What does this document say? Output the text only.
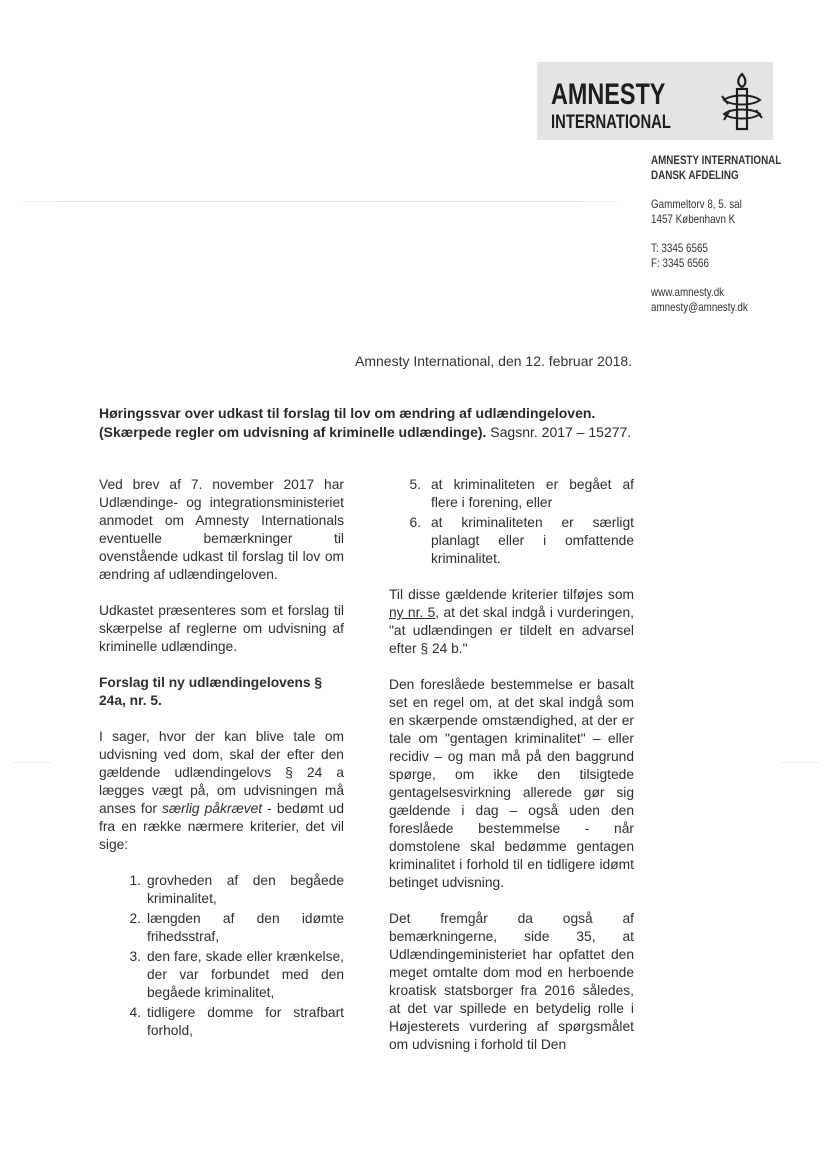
AMNESTY
INTERNATIONAL
AMNESTY INTERNATIONAL
DANSK AFDELING
Gammeltorv 8, 5. sal
1457 København K
T: 3345 6565
F: 3345 6566
www.amnesty.dk
amnesty@amnesty.dk
Amnesty International, den 12. februar 2018.
Høringssvar over udkast til forslag til lov om ændring af udlændingeloven. (Skærpede regler om udvisning af kriminelle udlændinge). Sagsnr. 2017 – 15277.

Ved brev af 7. november 2017 har Udlændinge- og integrationsministeriet anmodet om Amnesty Internationals eventuelle bemærkninger til ovenstående udkast til forslag til lov om ændring af udlændingeloven.

Udkastet præsenteres som et forslag til skærpelse af reglerne om udvisning af kriminelle udlændinge.

Forslag til ny udlændingelovens § 24a, nr. 5.

I sager, hvor der kan blive tale om udvisning ved dom, skal der efter den gældende udlændingelovs § 24 a lægges vægt på, om udvisningen må anses for særlig påkrævet - bedømt ud fra en række nærmere kriterier, det vil sige:

1. grovheden af den begåede kriminalitet,
2. længden af den idømte frihedsstraf,
3. den fare, skade eller krænkelse, der var forbundet med den begåede kriminalitet,
4. tidligere domme for strafbart forhold,
5. at kriminaliteten er begået af flere i forening, eller
6. at kriminaliteten er særligt planlagt eller i omfattende kriminalitet.

Til disse gældende kriterier tilføjes som ny nr. 5, at det skal indgå i vurderingen, "at udlændingen er tildelt en advarsel efter § 24 b."

Den foreslåede bestemmelse er basalt set en regel om, at det skal indgå som en skærpende omstændighed, at der er tale om "gentagen kriminalitet" – eller recidiv – og man må på den baggrund spørge, om ikke den tilsigtede gentagelsesvirkning allerede gør sig gældende i dag – også uden den foreslåede bestemmelse - når domstolene skal bedømme gentagen kriminalitet i forhold til en tidligere idømt betinget udvisning.

Det fremgår da også af bemærkningerne, side 35, at Udlændingeministeriet har opfattet den meget omtalte dom mod en herboende kroatisk statsborger fra 2016 således, at det var spillede en betydelig rolle i Højesterets vurdering af spørgsmålet om udvisning i forhold til Den
